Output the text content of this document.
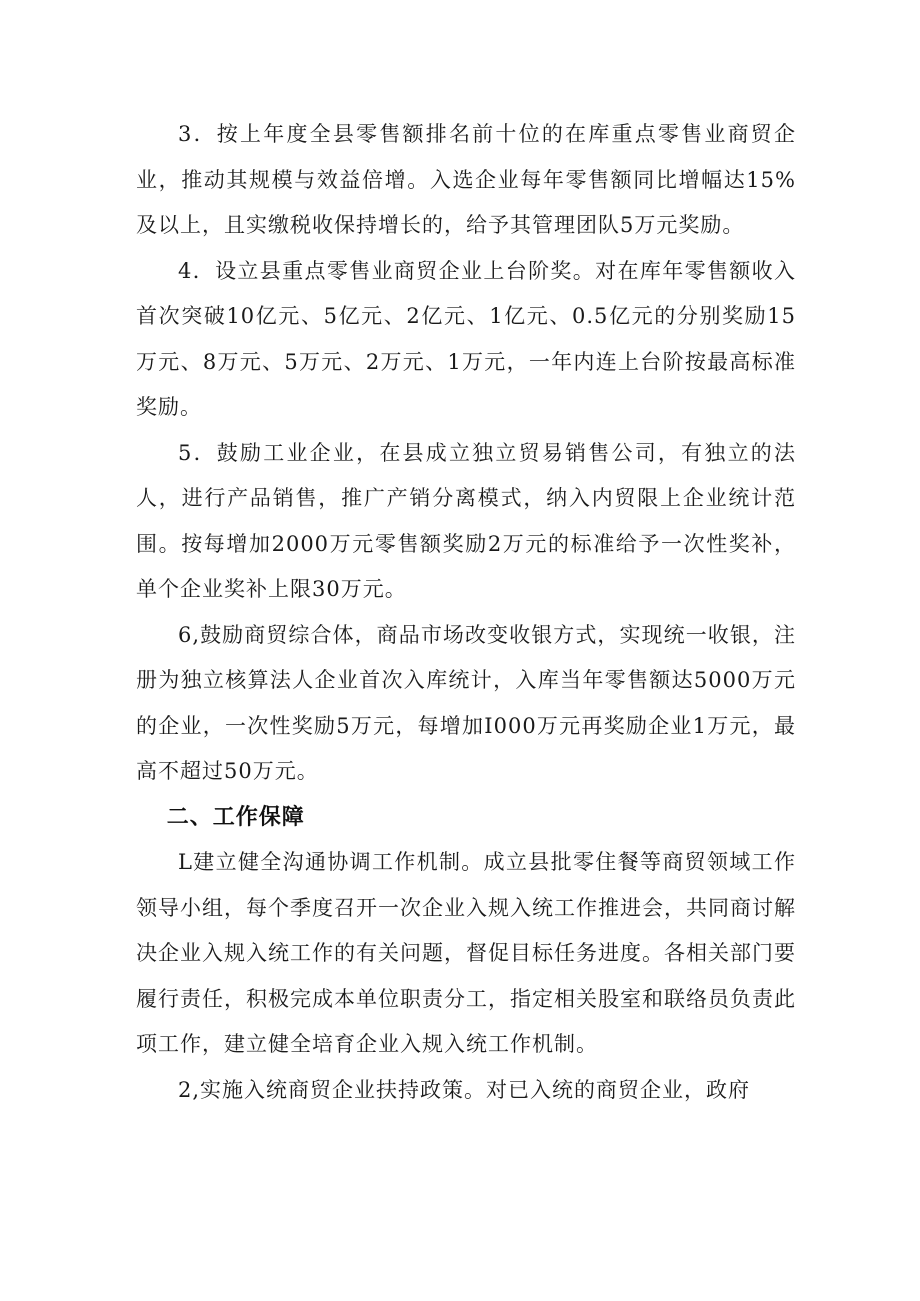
3．按上年度全县零售额排名前十位的在库重点零售业商贸企业，推动其规模与效益倍增。入选企业每年零售额同比增幅达15%及以上，且实缴税收保持增长的，给予其管理团队5万元奖励。

4．设立县重点零售业商贸企业上台阶奖。对在库年零售额收入首次突破10亿元、5亿元、2亿元、1亿元、0.5亿元的分别奖励15万元、8万元、5万元、2万元、1万元，一年内连上台阶按最高标准奖励。

5．鼓励工业企业，在县成立独立贸易销售公司，有独立的法人，进行产品销售，推广产销分离模式，纳入内贸限上企业统计范围。按每增加2000万元零售额奖励2万元的标准给予一次性奖补，单个企业奖补上限30万元。

6,鼓励商贸综合体，商品市场改变收银方式，实现统一收银，注册为独立核算法人企业首次入库统计，入库当年零售额达5000万元的企业，一次性奖励5万元，每增加I000万元再奖励企业1万元，最高不超过50万元。

二、工作保障

L建立健全沟通协调工作机制。成立县批零住餐等商贸领域工作领导小组，每个季度召开一次企业入规入统工作推进会，共同商讨解决企业入规入统工作的有关问题，督促目标任务进度。各相关部门要履行责任，积极完成本单位职责分工，指定相关股室和联络员负责此项工作，建立健全培育企业入规入统工作机制。

2,实施入统商贸企业扶持政策。对已入统的商贸企业，政府
